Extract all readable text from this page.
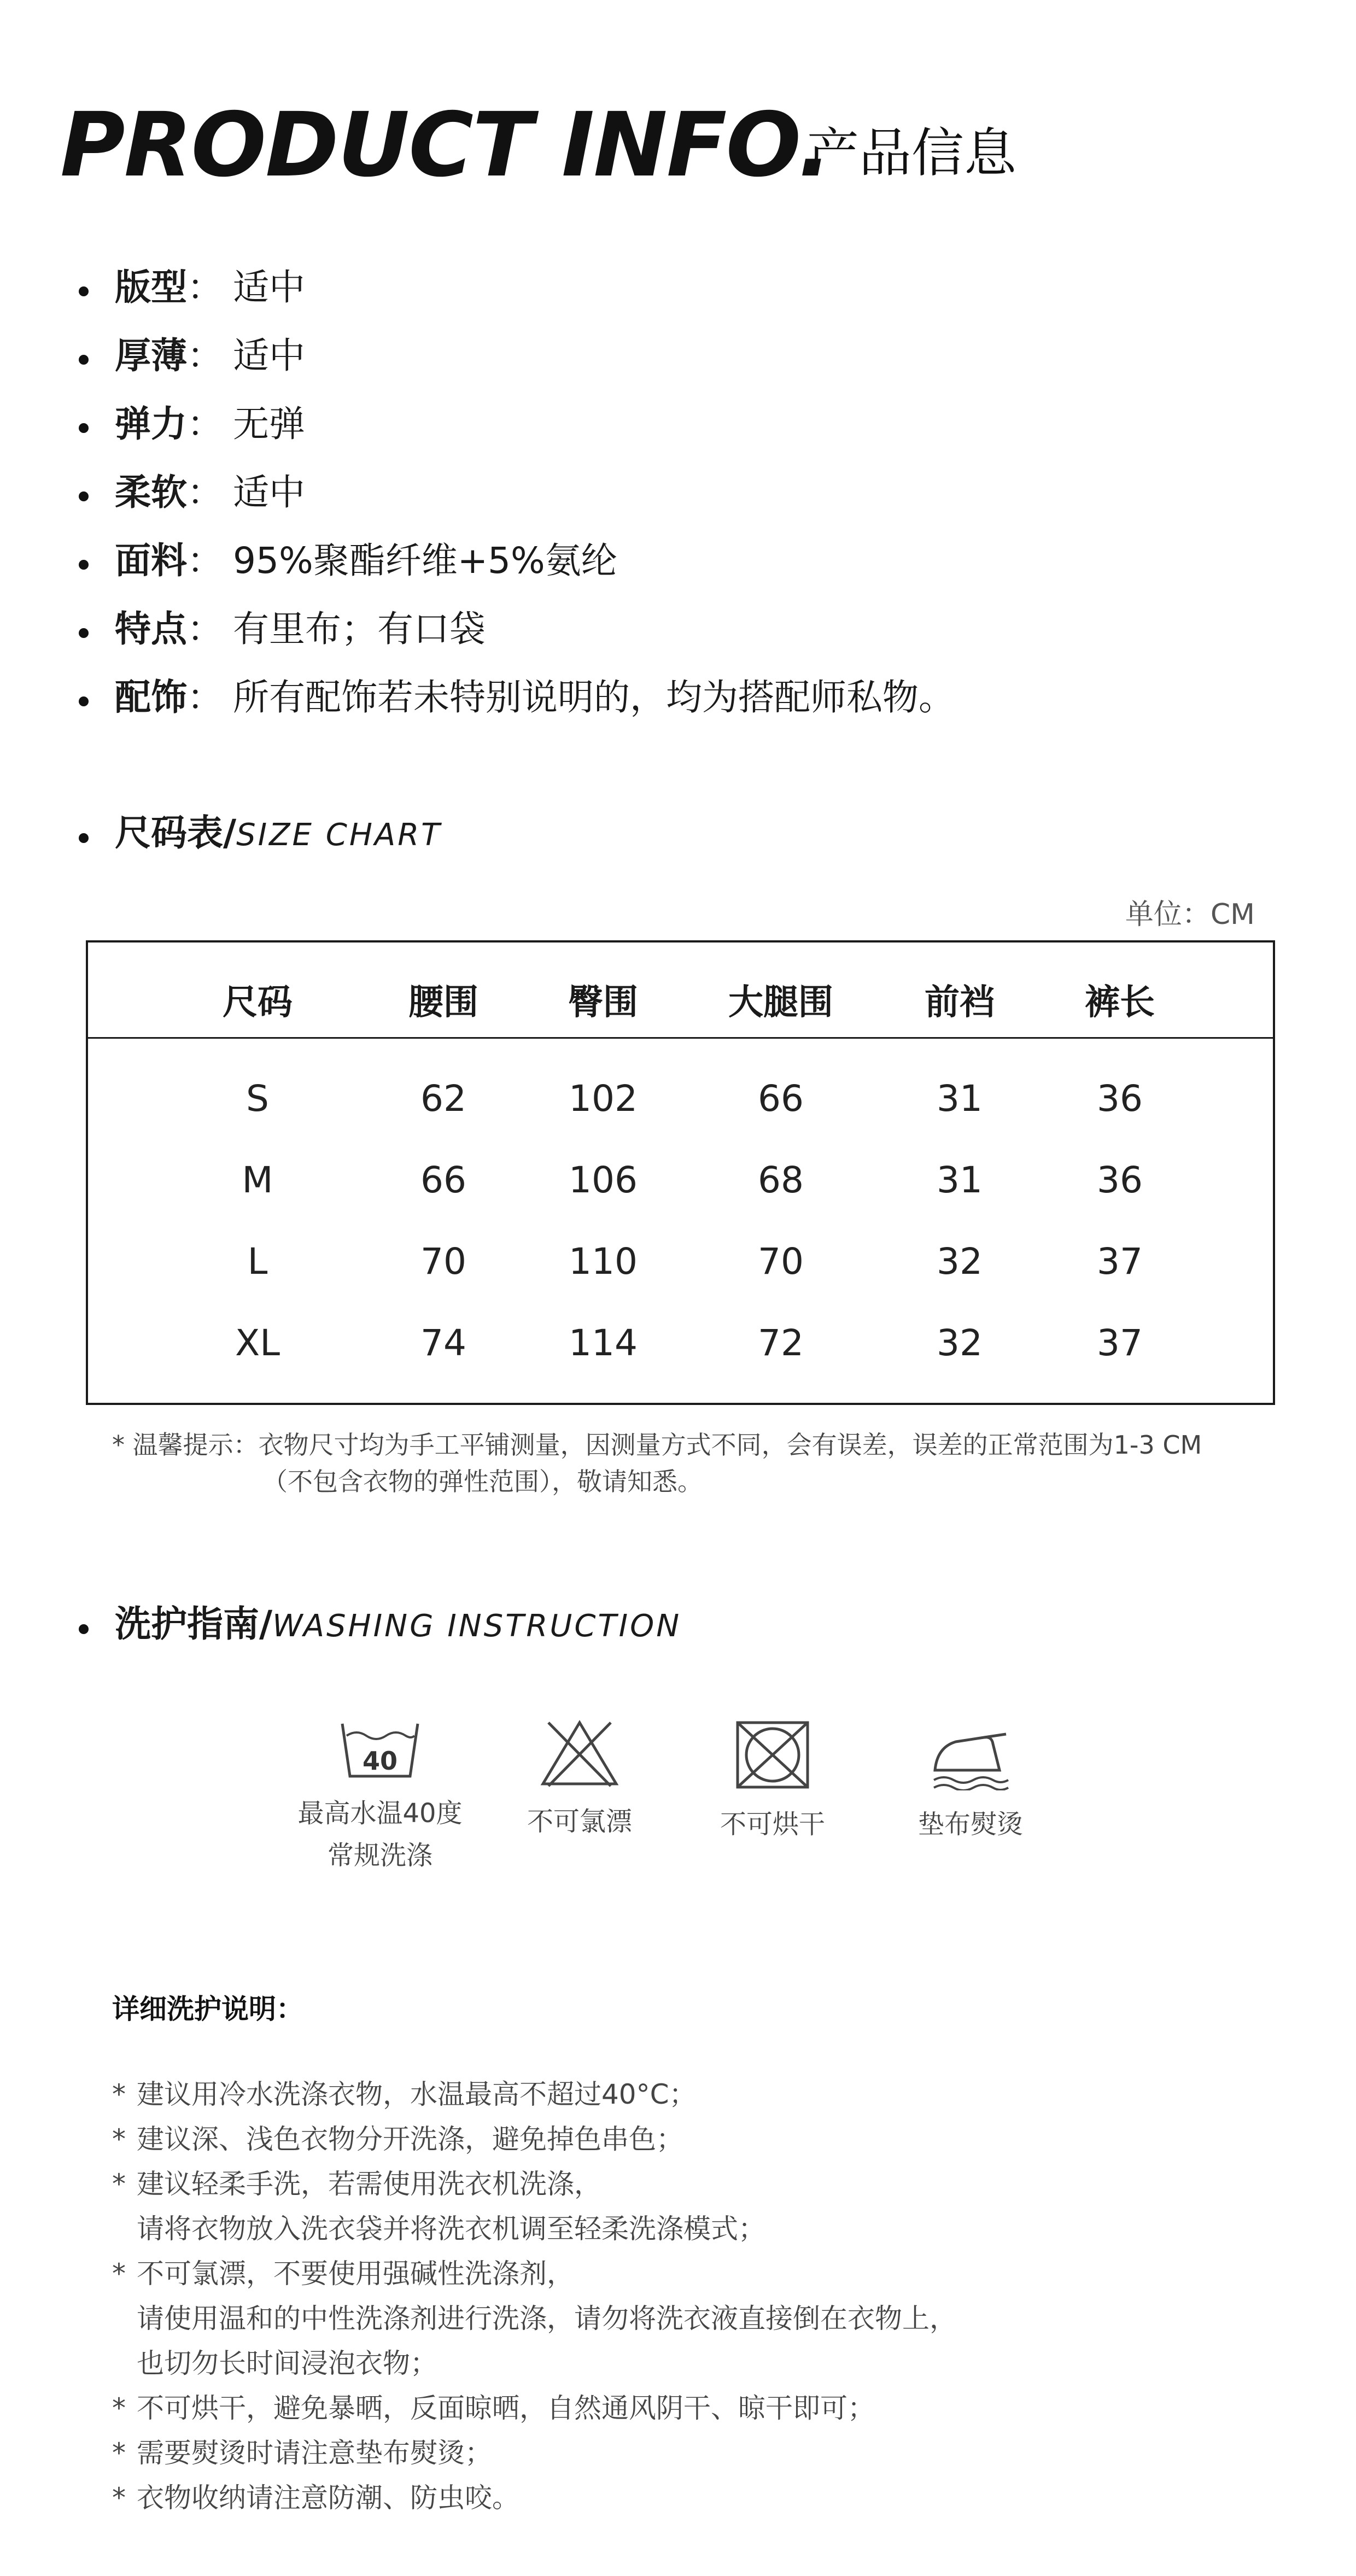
PRODUCT INFO.
产品信息
版型： 适中
厚薄： 适中
弹力： 无弹
柔软： 适中
面料： 95%聚酯纤维+5%氨纶
特点： 有里布；有口袋
配饰： 所有配饰若未特别说明的，均为搭配师私物。
尺码表/SIZE CHART
单位：CM
尺码	腰围	臀围	大腿围	前裆	裤长
S	62	102	66	31	36
M	66	106	68	31	36
L	70	110	70	32	37
XL	74	114	72	32	37
* 温馨提示：衣物尺寸均为手工平铺测量，因测量方式不同，会有误差，误差的正常范围为1-3 CM
（不包含衣物的弹性范围），敬请知悉。
洗护指南/WASHING INSTRUCTION
40
最高水温40度
常规洗涤
不可氯漂	不可烘干	垫布熨烫
详细洗护说明：
* 建议用冷水洗涤衣物，水温最高不超过40°C；
* 建议深、浅色衣物分开洗涤，避免掉色串色；
* 建议轻柔手洗，若需使用洗衣机洗涤，
请将衣物放入洗衣袋并将洗衣机调至轻柔洗涤模式；
* 不可氯漂，不要使用强碱性洗涤剂，
请使用温和的中性洗涤剂进行洗涤，请勿将洗衣液直接倒在衣物上，
也切勿长时间浸泡衣物；
* 不可烘干，避免暴晒，反面晾晒，自然通风阴干、晾干即可；
* 需要熨烫时请注意垫布熨烫；
* 衣物收纳请注意防潮、防虫咬。
